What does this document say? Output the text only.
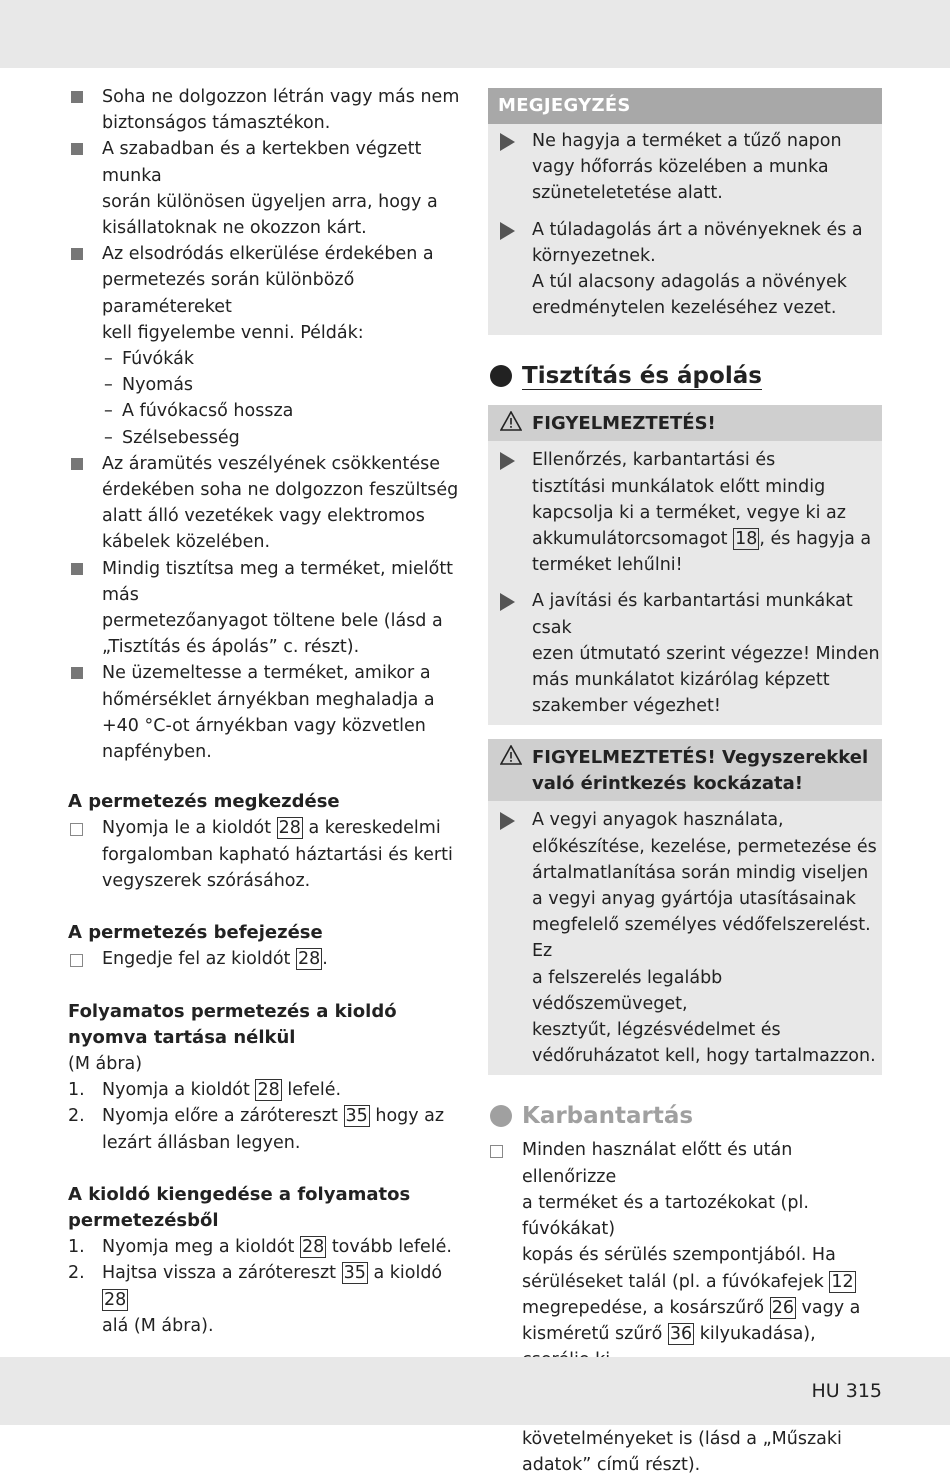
Soha ne dolgozzon létrán vagy más nem
biztonságos támasztékon.
A szabadban és a kertekben végzett munka
során különösen ügyeljen arra, hogy a
kisállatoknak ne okozzon kárt.
Az elsodródás elkerülése érdekében a
permetezés során különböző paramétereket
kell figyelembe venni. Példák:
– Fúvókák
– Nyomás
– A fúvókacső hossza
– Szélsebesség
Az áramütés veszélyének csökkentése
érdekében soha ne dolgozzon feszültség
alatt álló vezetékek vagy elektromos
kábelek közelében.
Mindig tisztítsa meg a terméket, mielőtt más
permetezőanyagot töltene bele (lásd a
„Tisztítás és ápolás” c. részt).
Ne üzemeltesse a terméket, amikor a
hőmérséklet árnyékban meghaladja a
+40 °C-ot árnyékban vagy közvetlen
napfényben.
A permetezés megkezdése
Nyomja le a kioldót 28 a kereskedelmi
forgalomban kapható háztartási és kerti
vegyszerek szórásához.
A permetezés befejezése
Engedje fel az kioldót 28 .
Folyamatos permetezés a kioldó
nyomva tartása nélkül
(M ábra)
1. Nyomja a kioldót 28 lefelé.
2. Nyomja előre a zárótereszt 35 hogy az
lezárt állásban legyen.
A kioldó kiengedése a folyamatos
permetezésből
1. Nyomja meg a kioldót 28 tovább lefelé.
2. Hajtsa vissza a zárótereszt 35 a kioldó 28
alá (M ábra).
MEGJEGYZÉS
Ne hagyja a terméket a tűző napon
vagy hőforrás közelében a munka
szüneteletetése alatt.
A túladagolás árt a növényeknek és a
környezetnek.
A túl alacsony adagolás a növények
eredménytelen kezeléséhez vezet.
Tisztítás és ápolás
FIGYELMEZTETÉS!
Ellenőrzés, karbantartási és
tisztítási munkálatok előtt mindig
kapcsolja ki a terméket, vegye ki az
akkumulátorcsomagot 18 , és hagyja a
terméket lehűlni!
A javítási és karbantartási munkákat csak
ezen útmutató szerint végezze! Minden
más munkálatot kizárólag képzett
szakember végezhet!
FIGYELMEZTETÉS! Vegyszerekkel
való érintkezés kockázata!
A vegyi anyagok használata,
előkészítése, kezelése, permetezése és
ártalmatlanítása során mindig viseljen
a vegyi anyag gyártója utasításainak
megfelelő személyes védőfelszerelést. Ez
a felszerelés legalább védőszemüveget,
kesztyűt, légzésvédelmet és
védőruházatot kell, hogy tartalmazzon.
Karbantartás
Minden használat előtt és után ellenőrizze
a terméket és a tartozékokat (pl. fúvókákat)
kopás és sérülés szempontjából. Ha
sérüléseket talál (pl. a fúvókafejek 12
megrepedése, a kosárszűrő 26 vagy a
kisméretű szűrő 36 kilyukadása),
követelményeket is (lásd a „Műszaki
adatok” című részt).
HU 315
